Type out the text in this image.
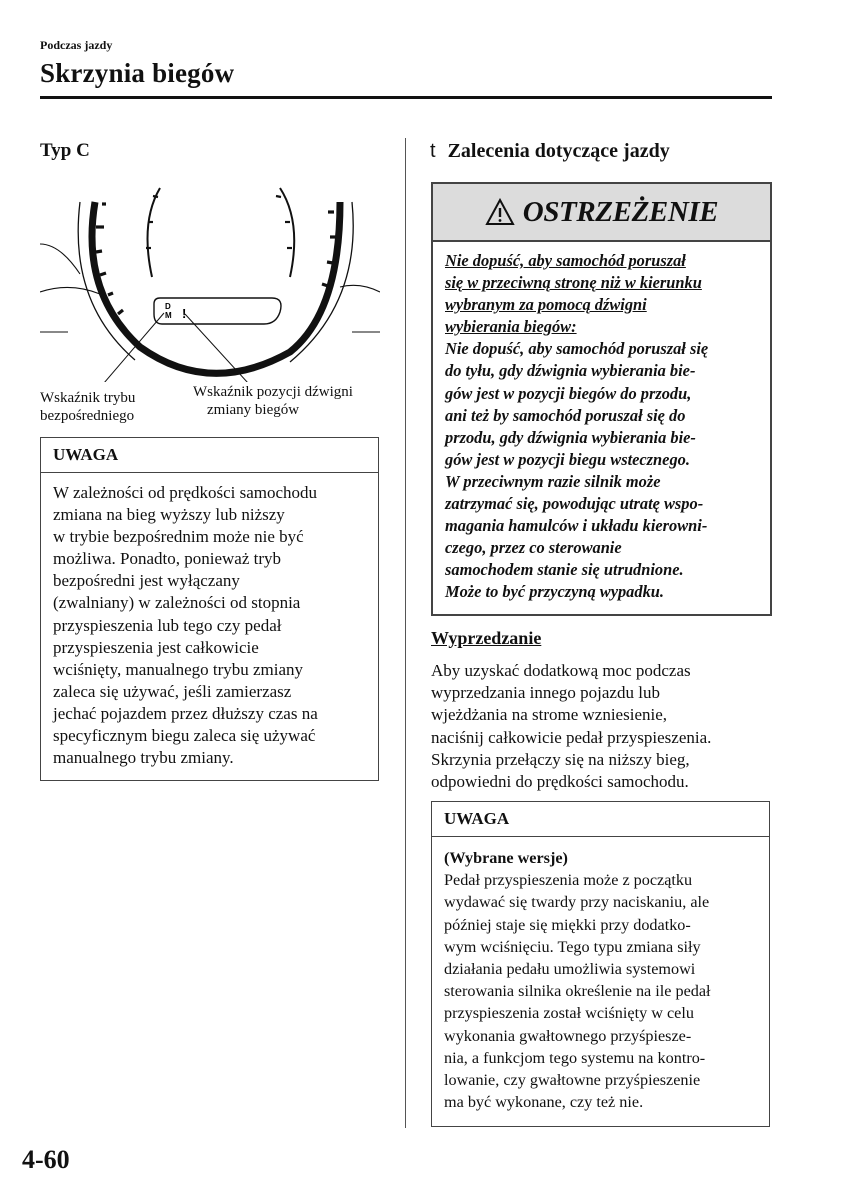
Podczas jazdy
Skrzynia biegów
Typ C
D
M !
Wskaźnik trybu
bezpośredniego
Wskaźnik pozycji dźwigni
zmiany biegów
UWAGA
W zależności od prędkości samochodu
zmiana na bieg wyższy lub niższy
w trybie bezpośrednim może nie być
możliwa. Ponadto, ponieważ tryb
bezpośredni jest wyłączany
(zwalniany) w zależności od stopnia
przyspieszenia lub tego czy pedał
przyspieszenia jest całkowicie
wciśnięty, manualnego trybu zmiany
zaleca się używać, jeśli zamierzasz
jechać pojazdem przez dłuższy czas na
specyficznym biegu zaleca się używać
manualnego trybu zmiany.
t Zalecenia dotyczące jazdy
OSTRZEŻENIE
Nie dopuść, aby samochód poruszał
się w przeciwną stronę niż w kierunku
wybranym za pomocą dźwigni
wybierania biegów:
Nie dopuść, aby samochód poruszał się
do tyłu, gdy dźwignia wybierania bie-
gów jest w pozycji biegów do przodu,
ani też by samochód poruszał się do
przodu, gdy dźwignia wybierania bie-
gów jest w pozycji biegu wstecznego.
W przeciwnym razie silnik może
zatrzymać się, powodując utratę wspo-
magania hamulców i układu kierowni-
czego, przez co sterowanie
samochodem stanie się utrudnione.
Może to być przyczyną wypadku.
Wyprzedzanie
Aby uzyskać dodatkową moc podczas
wyprzedzania innego pojazdu lub
wjeżdżania na strome wzniesienie,
naciśnij całkowicie pedał przyspieszenia.
Skrzynia przełączy się na niższy bieg,
odpowiedni do prędkości samochodu.
UWAGA
(Wybrane wersje)
Pedał przyspieszenia może z początku
wydawać się twardy przy naciskaniu, ale
później staje się miękki przy dodatko-
wym wciśnięciu. Tego typu zmiana siły
działania pedału umożliwia systemowi
sterowania silnika określenie na ile pedał
przyspieszenia został wciśnięty w celu
wykonania gwałtownego przyśpiesze-
nia, a funkcjom tego systemu na kontro-
lowanie, czy gwałtowne przyśpieszenie
ma być wykonane, czy też nie.
4-60
